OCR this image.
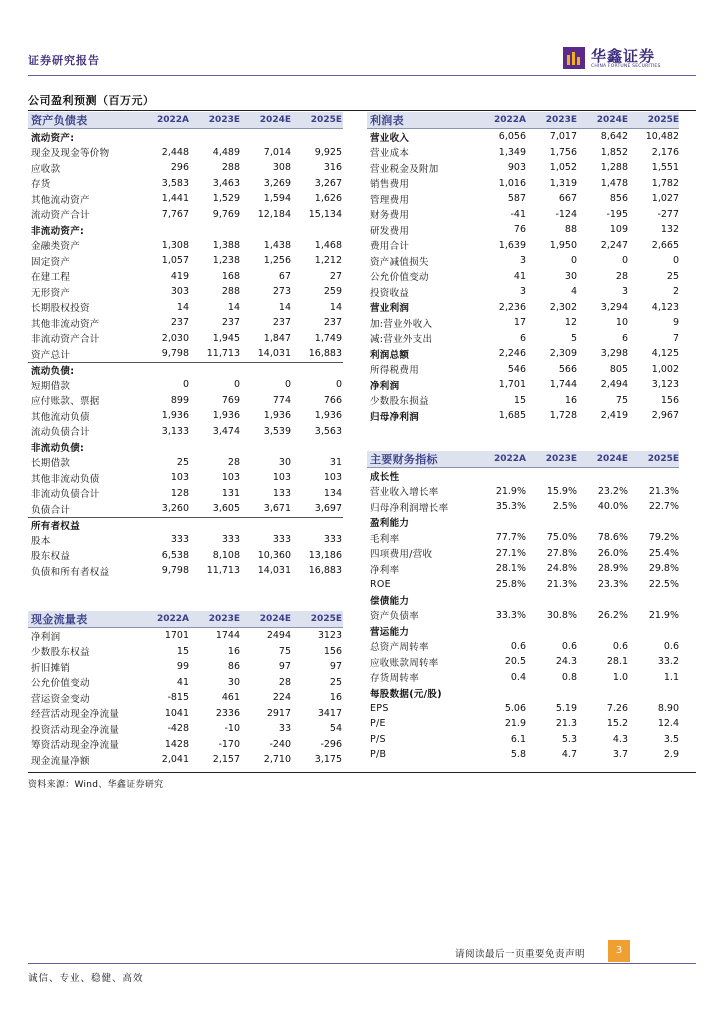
证券研究报告	华鑫证券
CHINA FORTUNE SECURITIES
公司盈利预测（百万元）
资产负债表	2022A	2023E	2024E	2025E
流动资产:
现金及现金等价物	2,448	4,489	7,014	9,925
应收款	296	288	308	316
存货	3,583	3,463	3,269	3,267
其他流动资产	1,441	1,529	1,594	1,626
流动资产合计	7,767	9,769	12,184	15,134
非流动资产:
金融类资产	1,308	1,388	1,438	1,468
固定资产	1,057	1,238	1,256	1,212
在建工程	419	168	67	27
无形资产	303	288	273	259
长期股权投资	14	14	14	14
其他非流动资产	237	237	237	237
非流动资产合计	2,030	1,945	1,847	1,749
资产总计	9,798	11,713	14,031	16,883
流动负债:
短期借款	0	0	0	0
应付账款、票据	899	769	774	766
其他流动负债	1,936	1,936	1,936	1,936
流动负债合计	3,133	3,474	3,539	3,563
非流动负债:
长期借款	25	28	30	31
其他非流动负债	103	103	103	103
非流动负债合计	128	131	133	134
负债合计	3,260	3,605	3,671	3,697
所有者权益
股本	333	333	333	333
股东权益	6,538	8,108	10,360	13,186
负债和所有者权益	9,798	11,713	14,031	16,883
利润表	2022A	2023E	2024E	2025E
营业收入	6,056	7,017	8,642	10,482
营业成本	1,349	1,756	1,852	2,176
营业税金及附加	903	1,052	1,288	1,551
销售费用	1,016	1,319	1,478	1,782
管理费用	587	667	856	1,027
财务费用	-41	-124	-195	-277
研发费用	76	88	109	132
费用合计	1,639	1,950	2,247	2,665
资产减值损失	3	0	0	0
公允价值变动	41	30	28	25
投资收益	3	4	3	2
营业利润	2,236	2,302	3,294	4,123
加:营业外收入	17	12	10	9
减:营业外支出	6	5	6	7
利润总额	2,246	2,309	3,298	4,125
所得税费用	546	566	805	1,002
净利润	1,701	1,744	2,494	3,123
少数股东损益	15	16	75	156
归母净利润	1,685	1,728	2,419	2,967
主要财务指标	2022A	2023E	2024E	2025E
成长性
营业收入增长率	21.9%	15.9%	23.2%	21.3%
归母净利润增长率	35.3%	2.5%	40.0%	22.7%
盈利能力
毛利率	77.7%	75.0%	78.6%	79.2%
四项费用/营收	27.1%	27.8%	26.0%	25.4%
净利率	28.1%	24.8%	28.9%	29.8%
ROE	25.8%	21.3%	23.3%	22.5%
偿债能力
资产负债率	33.3%	30.8%	26.2%	21.9%
营运能力
总资产周转率	0.6	0.6	0.6	0.6
应收账款周转率	20.5	24.3	28.1	33.2
存货周转率	0.4	0.8	1.0	1.1
每股数据(元/股)
EPS	5.06	5.19	7.26	8.90
P/E	21.9	21.3	15.2	12.4
P/S	6.1	5.3	4.3	3.5
P/B	5.8	4.7	3.7	2.9
现金流量表	2022A	2023E	2024E	2025E
净利润	1701	1744	2494	3123
少数股东权益	15	16	75	156
折旧摊销	99	86	97	97
公允价值变动	41	30	28	25
营运资金变动	-815	461	224	16
经营活动现金净流量	1041	2336	2917	3417
投资活动现金净流量	-428	-10	33	54
筹资活动现金净流量	1428	-170	-240	-296
现金流量净额	2,041	2,157	2,710	3,175
资料来源：Wind、华鑫证券研究
请阅读最后一页重要免责声明	3
诚信、专业、稳健、高效
